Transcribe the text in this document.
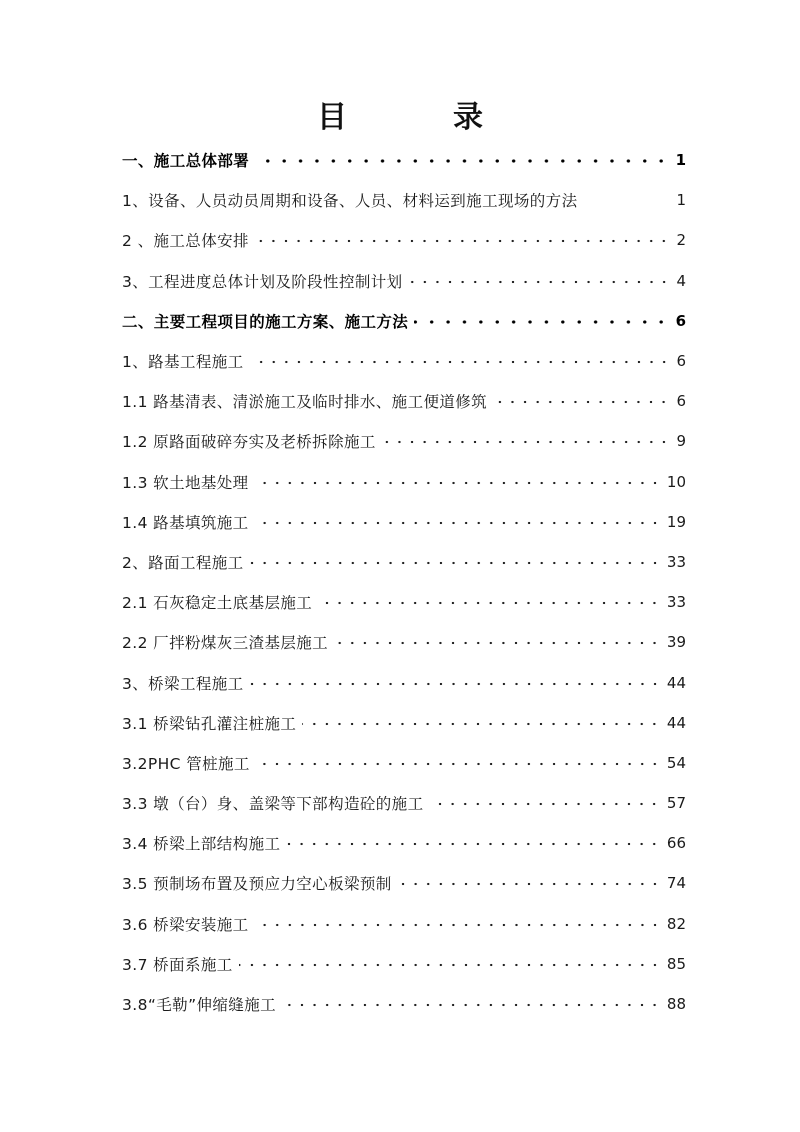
目　录
一、施工总体部署	1
1、设备、人员动员周期和设备、人员、材料运到施工现场的方法	1
2 、施工总体安排	2
3、工程进度总体计划及阶段性控制计划	4
二、主要工程项目的施工方案、施工方法	6
1、路基工程施工	6
1.1 路基清表、清淤施工及临时排水、施工便道修筑	6
1.2 原路面破碎夯实及老桥拆除施工	9
1.3 软土地基处理	10
1.4 路基填筑施工	19
2、路面工程施工	33
2.1 石灰稳定土底基层施工	33
2.2 厂拌粉煤灰三渣基层施工	39
3、桥梁工程施工	44
3.1 桥梁钻孔灌注桩施工	44
3.2PHC 管桩施工	54
3.3 墩（台）身、盖梁等下部构造砼的施工	57
3.4 桥梁上部结构施工	66
3.5 预制场布置及预应力空心板梁预制	74
3.6 桥梁安装施工	82
3.7 桥面系施工	85
3.8“毛勒”伸缩缝施工	88
